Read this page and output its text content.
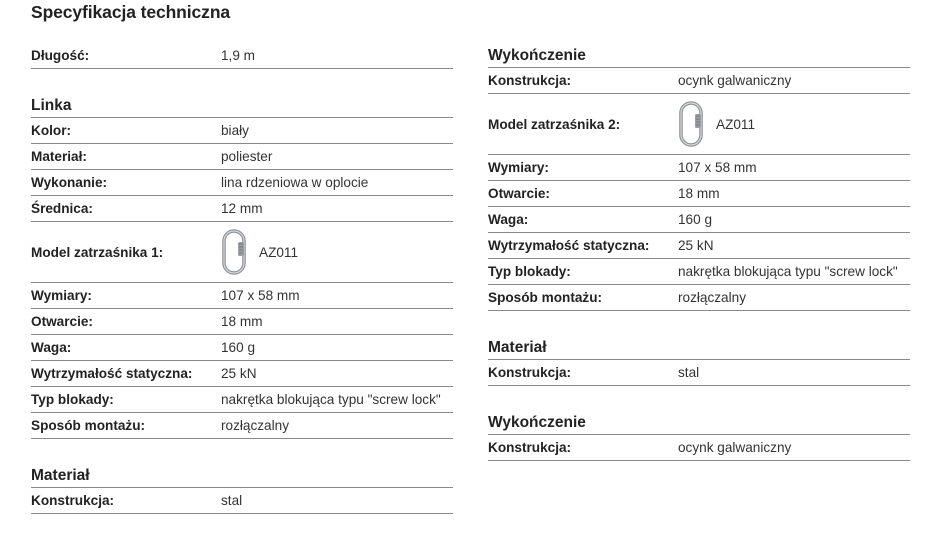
Specyfikacja techniczna
Długość:	1,9 m
Linka
Kolor:	biały
Materiał:	poliester
Wykonanie:	lina rdzeniowa w oplocie
Średnica:	12 mm
Model zatrzaśnika 1:	AZ011
Wymiary:	107 x 58 mm
Otwarcie:	18 mm
Waga:	160 g
Wytrzymałość statyczna:	25 kN
Typ blokady:	nakrętka blokująca typu "screw lock"
Sposób montażu:	rozłączalny
Materiał
Konstrukcja:	stal
Wykończenie
Konstrukcja:	ocynk galwaniczny
Model zatrzaśnika 2:	AZ011
Wymiary:	107 x 58 mm
Otwarcie:	18 mm
Waga:	160 g
Wytrzymałość statyczna:	25 kN
Typ blokady:	nakrętka blokująca typu "screw lock"
Sposób montażu:	rozłączalny
Materiał
Konstrukcja:	stal
Wykończenie
Konstrukcja:	ocynk galwaniczny
